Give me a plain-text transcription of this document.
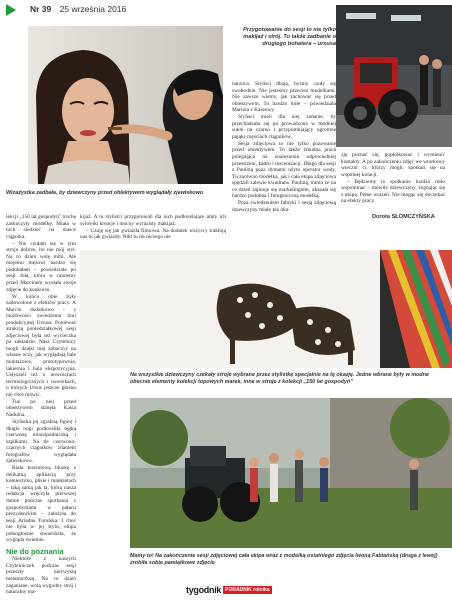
Nr 39 25 września 2016
Wizażystka zadbała, by dziewczyny przed obiektywem wyglądały zjawiskowo
Przygotowanie do sesji to nie tylko makijaż i strój. To także zadbanie o drugiego bohatera – ursusa

lekcji „150 lat gospodyń" trochę zaskoczyły modelkę. Miała w nich siedzieć na masce ciągnika.

– Nie czułam się w tym stroju dobrze, bo nie mój styl. Na co dzień wolę mini. Ale mojemu mężowi bardzo się podobałam – powiedziała po sesji Jola, która w rannemy przed Marcinem wysłała swoje zdjęcie do konkursu.

W końcu obie były zadowolone z efektów pracy. A Marcin dodatkowo – z możliwości zwiedzenia linii produkcyjnej Ursusa. Ponieważ atrakcją poniedziałkowej sesji zdjęciowej była też wycieczka po zakładzie. Nasz Czytelnicy mogli dzięki niej zobaczyć na własne oczy, jak wyglądają hale montażowe, prototypownia, lakiernia i hala ekspozycyjna. Usłyszeli też o nowościach technologicznych i nowinkach, o których Ursus jeszcze głośno nie chce mówić.

Tuż po niej przed obiektywem stanęła Kasia Nadulna.

Stylistka jej zgrabną figurę i długie nogi podkreśliła tęgką czerwoną minisipódniczką i szpilkami. Na tle czerwono-czarnych ciągników zdaniem fotografów wyglądała zjawiskowo.

Biała koszulową bluzkę z delikatną aplikacją przy kołnierzyku, plisie i mankietach – taką samą jak ta, którą nasza redakcja wręczyła pierwszej damie podczas spotkania z gospodyniami w pałacu prezydenckim – założyła do sesji Ariadna Turulska. I choć nie była w jej stylu, ekipa jednogłośnie stwierdziła, że wygląda świetnie.

Nie do poznania

Niektóre z naszych Czytelniczek podczas sesji przeszły niezwykłą metamorfozę. Na co dzień zaganiane, wolą wygodny strój i naturalny ma-

kijaż. A tu stylistci przygotowali dla nich podkreślające atuty ich sylwetki kreacje i mocny wyrazisty makijaż.

– Czuję się jak gwiazda filmowa. Na dodatek wszyscy traktują nas tu jak gwiazdy. Nikt tu mi niczego nie

narzuca. Stylisci dbają, byśmy czuły się swobodnie. Nie jesteśmy przecież modelkami. Nie zawsze wiemy, jak zachować się przed obiektywem. To bardzo miłe – powiedziała Mariola z Kaszewy.

Stylisci mieli dla niej zadanie, by przechadzała się po prowadzona w modniej sukni na czarno i przypomniający ogromne pająki częściach ciągników.

Sesja zdjęciowa to nie tylko pozowanie przed obiektywem. To także żmudna praca polegająca na znalezieniu odpowiedniej przestrzeni, kadru i inscenizacji. Długo dla sesji z Pauliną poza dymami użyto operator wody. Tu zarówno modelka, jak i cała ekipa zdjęciowa spędzili zalewie kwadrans. Pauliną, mimo że na co dzień zajmuje się marketingiem, okazała się bardzo podobna i fotogeniczną modelką.

Poza zwiedzeniem fabryki i sesją zdjęciową dziewczyny miały też oka-

zję poznać się, popłotkować i wymienić kontakty. A po zakończeniu zdjęć we wtorkowy wieczór ci, którzy mogli, spotkali się na wspólnej kolacji.

– Będziemy to spotkanie bardzo miło wspominać – mówiły dziewczyny, żegnając się z ekipą. Pełne wrażeń. Nie mogąc się doczekać na efekty pracy.

Dorota SŁOMCZYŃSKA
Na wszystkie dziewczyny czekały stroje wybrane przez stylistkę specjalnie na tę okazję. Jedne wbrane były w modne obecnie elementy kolekcji topowych marek, inne w stroje z kolekcji „150 lat gospodyń"
Mamy to! Na zakończenie sesji zdjęciowej cała ekipa wraz z modelką ostatniego zdjęcia Iwoną Fabiańską (druga z lewej) zrobiła sobie pamiątkowe zdjęcie
tygodnik PORADNIK rolnika
